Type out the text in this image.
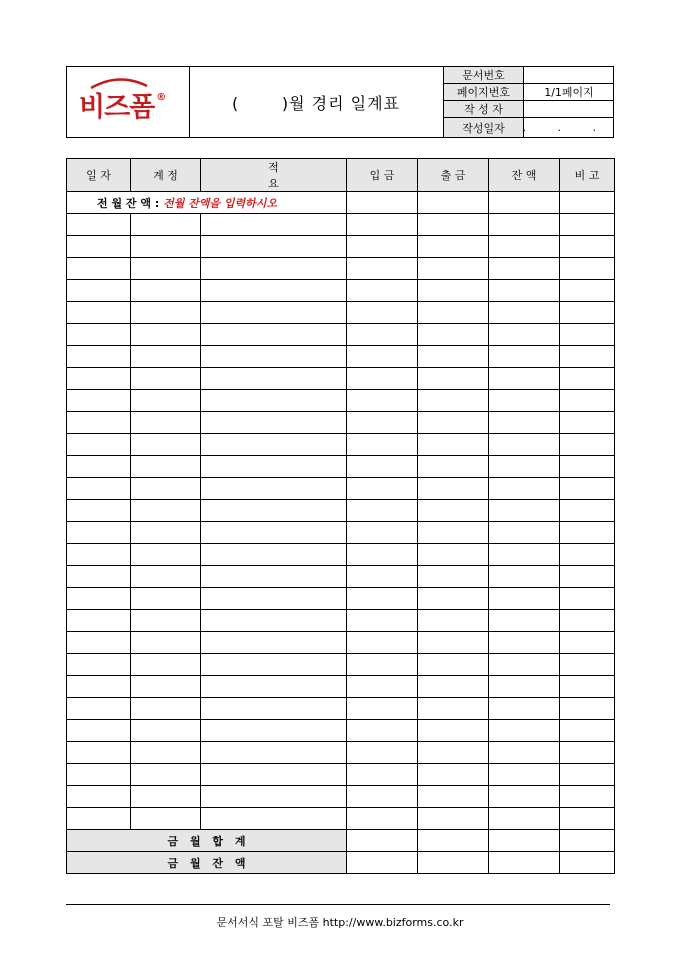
비즈폼 ®	(       )월 경리 일계표
문서번호
페이지번호	1/1페이지
작 성 자
작성일자	. . .
일 자	계 정	적 요	입 금	출 금	잔 액	비 고

전 월 잔 액 : 전월 잔액을 입력하시오						

금 월 합 계						

금 월 잔 액						

문서서식 포탈 비즈폼 http://www.bizforms.co.kr
